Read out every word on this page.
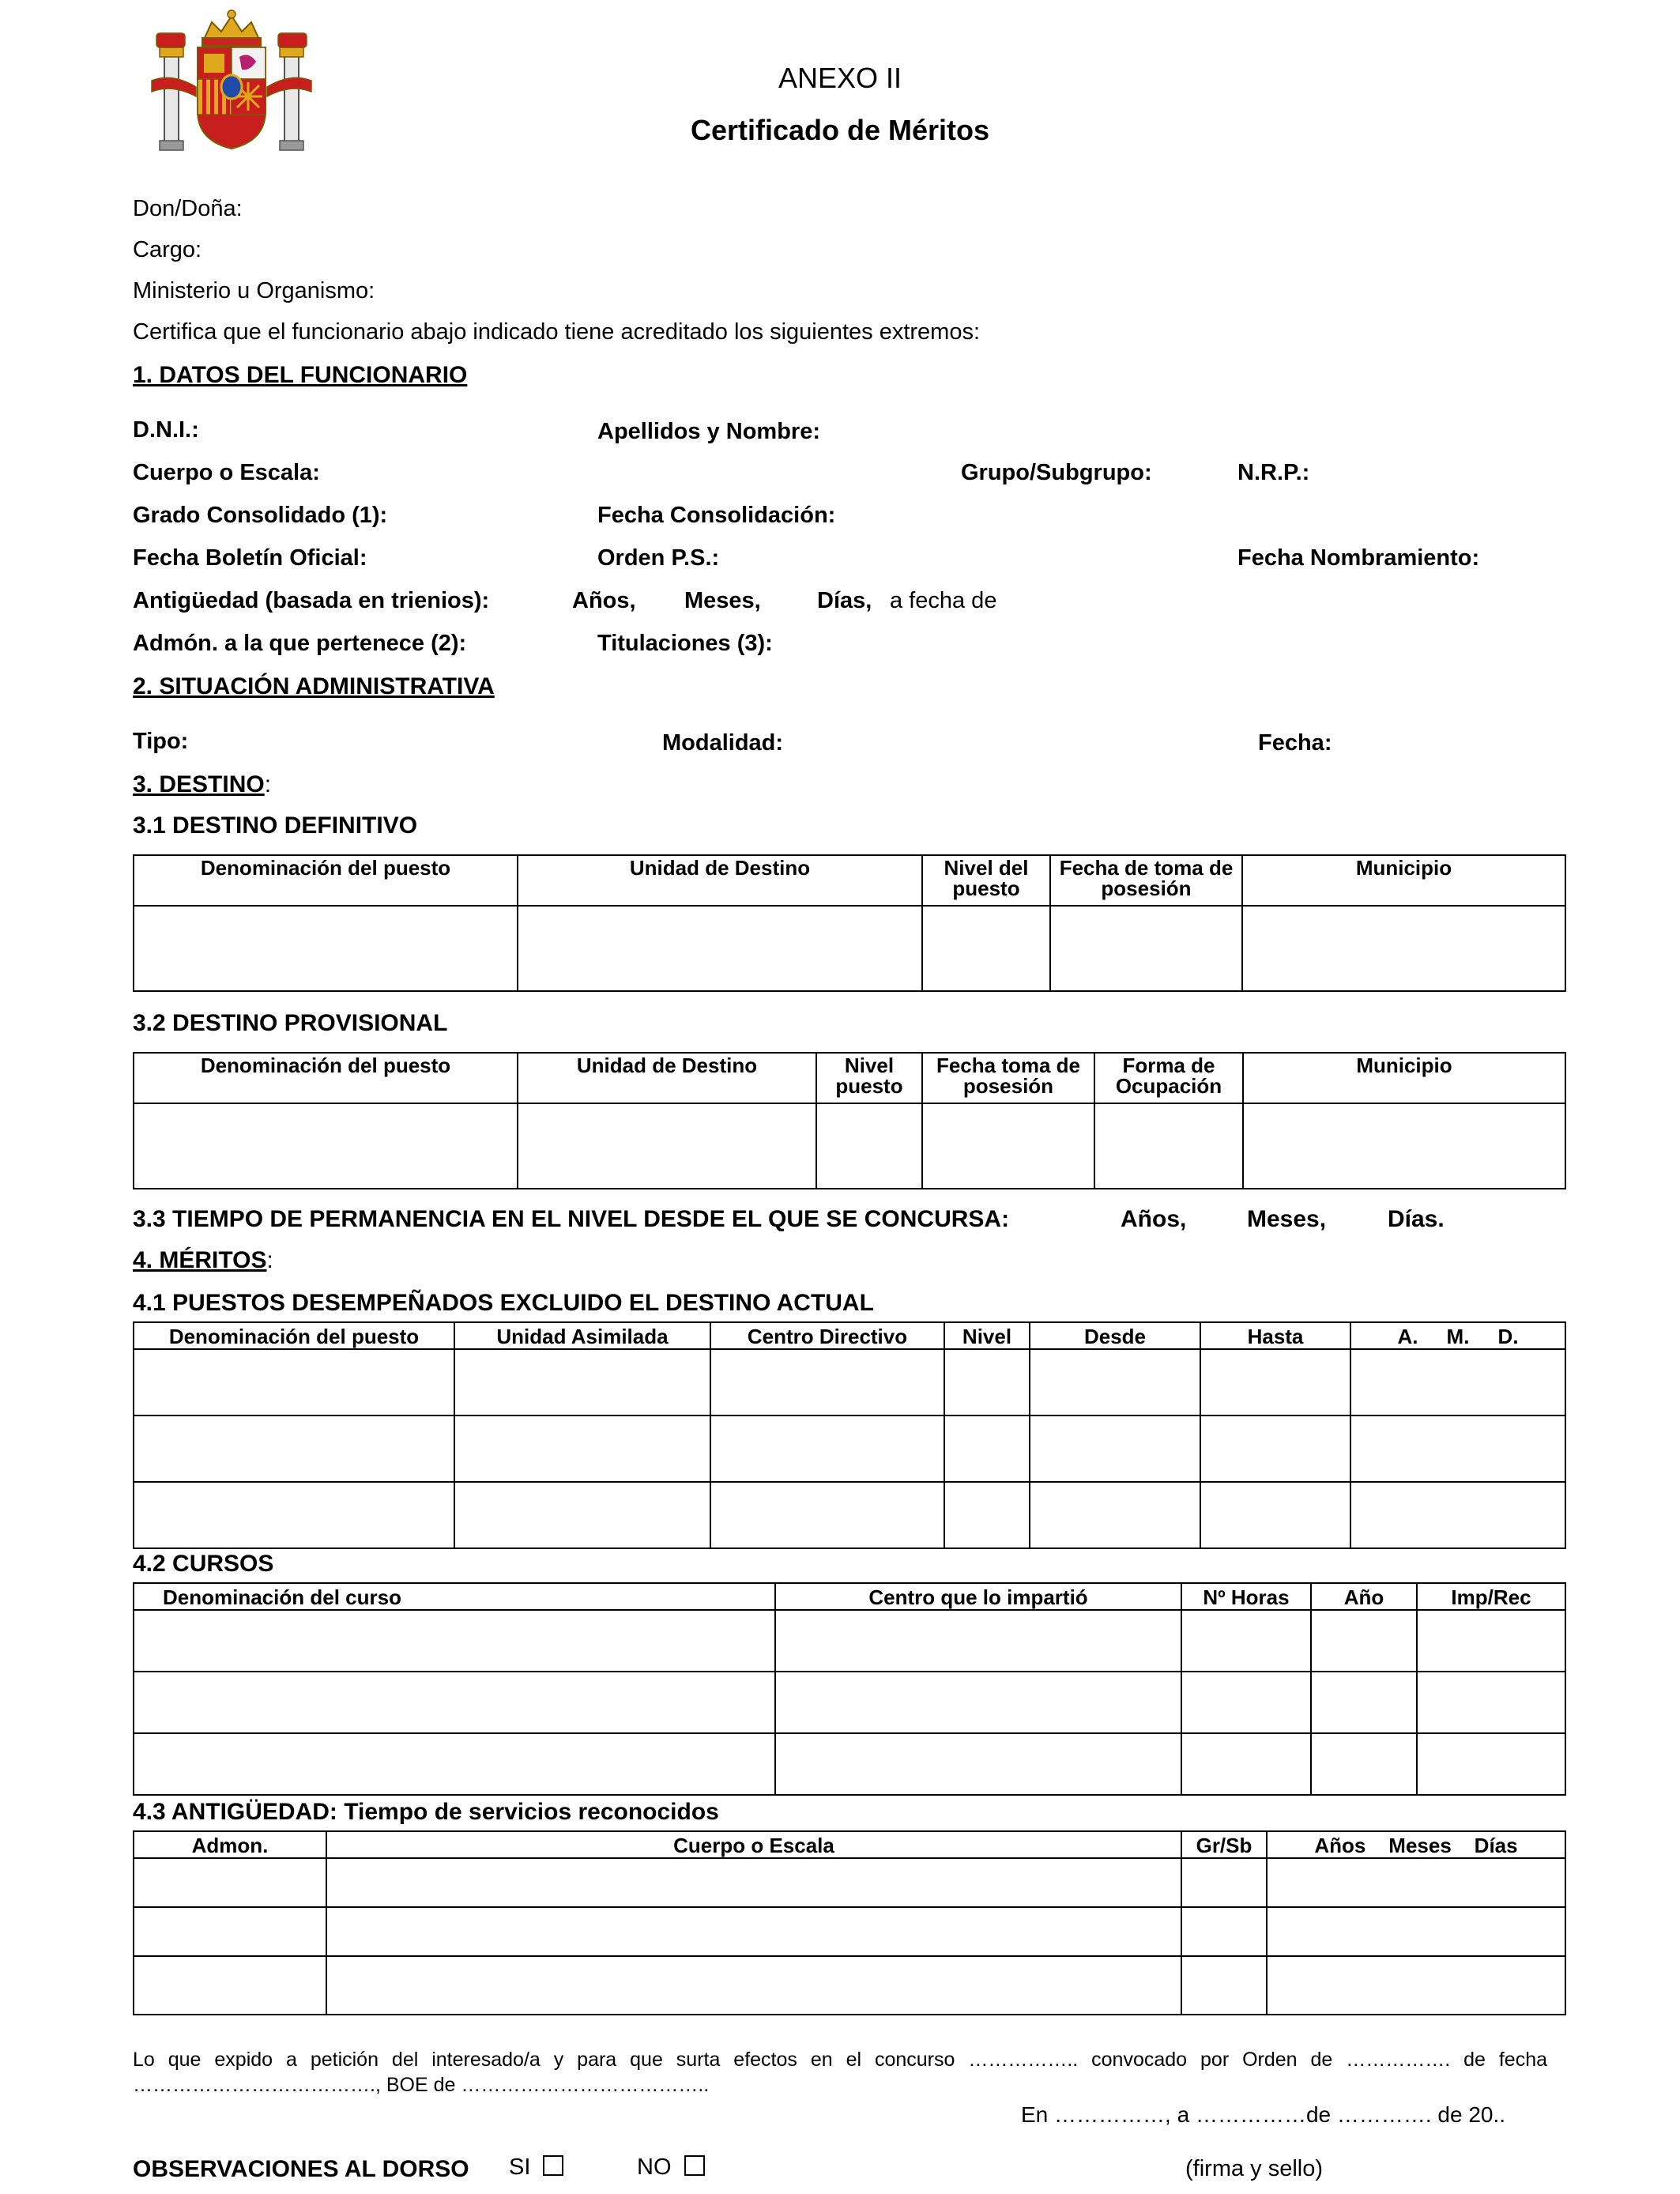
ANEXO II
Certificado de Méritos
Don/Doña:
Cargo:
Ministerio u Organismo:
Certifica que el funcionario abajo indicado tiene acreditado los siguientes extremos:
1. DATOS DEL FUNCIONARIO
D.N.I.:	Apellidos y Nombre:
Cuerpo o Escala:	Grupo/Subgrupo:	N.R.P.:
Grado Consolidado (1):	Fecha Consolidación:
Fecha Boletín Oficial:	Orden P.S.:	Fecha Nombramiento:
Antigüedad (basada en trienios):	Años, Meses, Días, a fecha de
Admón. a la que pertenece (2):	Titulaciones (3):
2. SITUACIÓN ADMINISTRATIVA
Tipo:	Modalidad:	Fecha:
3. DESTINO:
3.1 DESTINO DEFINITIVO
Denominación del puesto	Unidad de Destino	Nivel del puesto	Fecha de toma de posesión	Municipio

3.2 DESTINO PROVISIONAL
Denominación del puesto	Unidad de Destino	Nivel puesto	Fecha toma de posesión	Forma de Ocupación	Municipio

3.3 TIEMPO DE PERMANENCIA EN EL NIVEL DESDE EL QUE SE CONCURSA:	Años,	Meses,	Días.
4. MÉRITOS:
4.1 PUESTOS DESEMPEÑADOS EXCLUIDO EL DESTINO ACTUAL
Denominación del puesto	Unidad Asimilada	Centro Directivo	Nivel	Desde	Hasta	A.     M.     D.

4.2 CURSOS
Denominación del curso	Centro que lo impartió	Nº Horas	Año	Imp/Rec

4.3 ANTIGÜEDAD: Tiempo de servicios reconocidos
Admon.	Cuerpo o Escala	Gr/Sb	Años    Meses    Días

Lo que expido a petición del interesado/a y para que surta efectos en el concurso …………….. convocado por Orden de ……………. de fecha ………………………………., BOE de ………………………………..
En ……………, a ……………de …………. de 20..
OBSERVACIONES AL DORSO SI	NO	(firma y sello)
